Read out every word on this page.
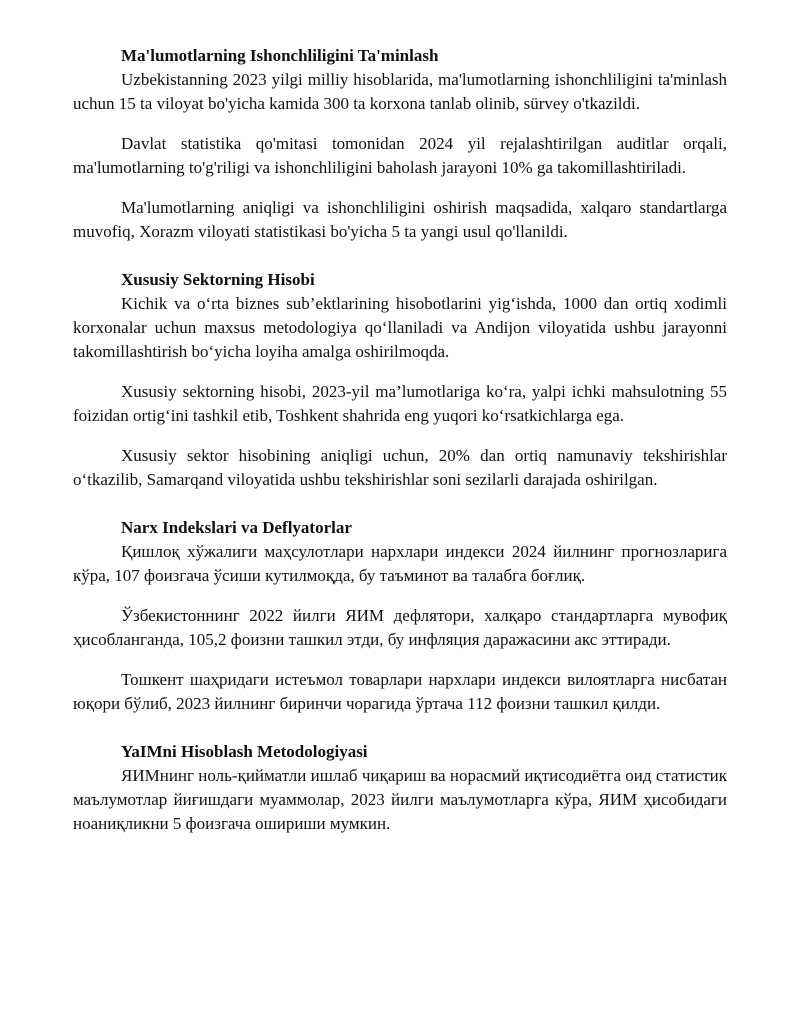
Ma'lumotlarning Ishonchliligini Ta'minlash

Uzbekistanning 2023 yilgi milliy hisoblarida, ma'lumotlarning ishonchliligini ta'minlash uchun 15 ta viloyat bo'yicha kamida 300 ta korxona tanlab olinib, sürvey o'tkazildi.

Davlat statistika qo'mitasi tomonidan 2024 yil rejalashtirilgan auditlar orqali, ma'lumotlarning to'g'riligi va ishonchliligini baholash jarayoni 10% ga takomillashtiriladi.

Ma'lumotlarning aniqligi va ishonchliligini oshirish maqsadida, xalqaro standartlarga muvofiq, Xorazm viloyati statistikasi bo'yicha 5 ta yangi usul qo'llanildi.

Xususiy Sektorning Hisobi

Kichik va o‘rta biznes sub’ektlarining hisobotlarini yig‘ishda, 1000 dan ortiq xodimli korxonalar uchun maxsus metodologiya qo‘llaniladi va Andijon viloyatida ushbu jarayonni takomillashtirish bo‘yicha loyiha amalga oshirilmoqda.

Xususiy sektorning hisobi, 2023-yil ma’lumotlariga ko‘ra, yalpi ichki mahsulotning 55 foizidan ortig‘ini tashkil etib, Toshkent shahrida eng yuqori ko‘rsatkichlarga ega.

Xususiy sektor hisobining aniqligi uchun, 20% dan ortiq namunaviy tekshirishlar o‘tkazilib, Samarqand viloyatida ushbu tekshirishlar soni sezilarli darajada oshirilgan.

Narx Indekslari va Deflyatorlar

Қишлоқ хўжалиги маҳсулотлари нархлари индекси 2024 йилнинг прогнозларига кўра, 107 фоизгача ўсиши кутилмоқда, бу таъминот ва талабга боғлиқ.

Ўзбекистоннинг 2022 йилги ЯИМ дефлятори, халқаро стандартларга мувофиқ ҳисобланганда, 105,2 фоизни ташкил этди, бу инфляция даражасини акс эттиради.

Тошкент шаҳридаги истеъмол товарлари нархлари индекси вилоятларга нисбатан юқори бўлиб, 2023 йилнинг биринчи чорагида ўртача 112 фоизни ташкил қилди.

YaIMni Hisoblash Metodologiyasi

ЯИМнинг ноль-қийматли ишлаб чиқариш ва норасмий иқтисодиётга оид статистик маълумотлар йиғишдаги муаммолар, 2023 йилги маълумотларга кўра, ЯИМ ҳисобидаги ноаниқликни 5 фоизгача ошириши мумкин.
